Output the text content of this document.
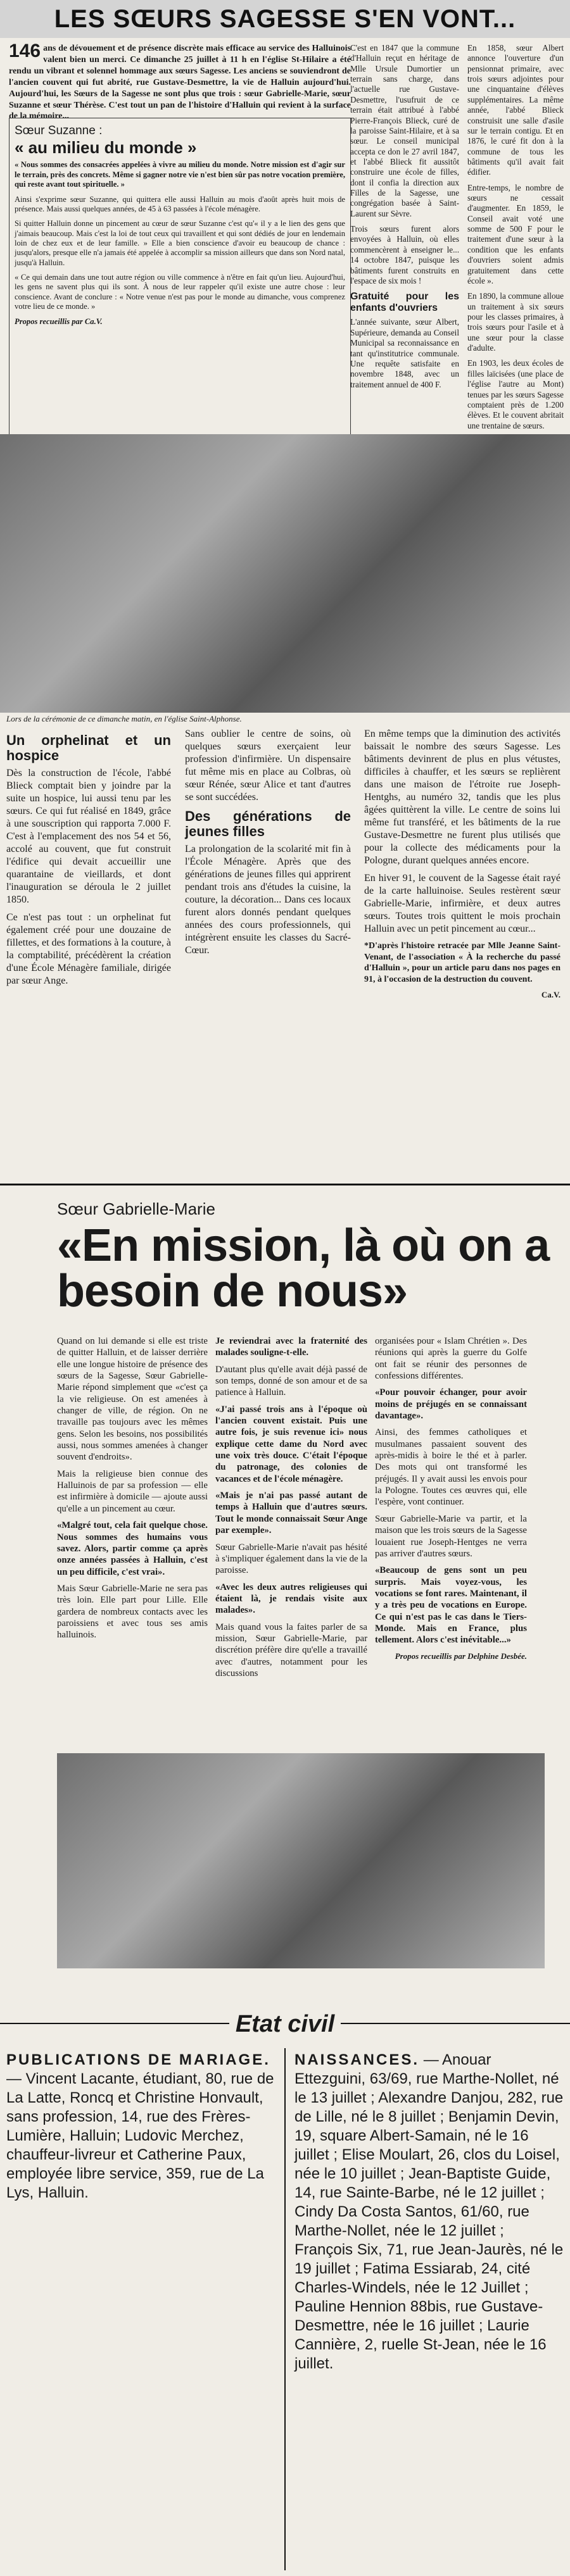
LES SŒURS SAGESSE S'EN VONT...

146 ans de dévouement et de présence discrète mais efficace au service des Halluinois valent bien un merci. Ce dimanche 25 juillet à 11 h en l'église St-Hilaire a été rendu un vibrant et solennel hommage aux sœurs Sagesse. Les anciens se souviendront de l'ancien couvent qui fut abrité, rue Gustave-Desmettre, la vie de Halluin aujourd'hui. Aujourd'hui, les Sœurs de la Sagesse ne sont plus que trois : sœur Gabrielle-Marie, sœur Suzanne et sœur Thérèse. C'est tout un pan de l'histoire d'Halluin qui revient à la surface de la mémoire...

Sœur Suzanne :
« au milieu du monde »

« Nous sommes des consacrées appelées à vivre au milieu du monde. Notre mission est d'agir sur le terrain, près des concrets. Même si gagner notre vie n'est bien sûr pas notre vocation première, qui reste avant tout spirituelle. »

Ainsi s'exprime sœur Suzanne, qui quittera elle aussi Halluin au mois d'août après huit mois de présence. Mais aussi quelques années, de 45 à 63 passées à l'école ménagère.

Si quitter Halluin donne un pincement au cœur de sœur Suzanne c'est qu'« il y a le lien des gens que j'aimais beaucoup. Mais c'est la loi de tout ceux qui travaillent et qui sont dédiés de jour en lendemain loin de chez eux et de leur famille. » Elle a bien conscience d'avoir eu beaucoup de chance : jusqu'alors, presque elle n'a jamais été appelée à accomplir sa mission ailleurs que dans son Nord natal, jusqu'à Halluin.

« Ce qui demain dans une tout autre région ou ville commence à n'être en fait qu'un lieu. Aujourd'hui, les gens ne savent plus qui ils sont. À nous de leur rappeler qu'il existe une autre chose : leur conscience. Avant de conclure : « Notre venue n'est pas pour le monde au dimanche, vous comprenez votre lieu de ce monde. »

Propos recueillis par Ca.V.

C'est en 1847 que la commune d'Halluin reçut en héritage de Mlle Ursule Dumortier un terrain sans charge, dans l'actuelle rue Gustave-Desmettre, l'usufruit de ce terrain était attribué à l'abbé Pierre-François Blieck, curé de la paroisse Saint-Hilaire, et à sa sœur. Le conseil municipal accepta ce don le 27 avril 1847, et l'abbé Blieck fit aussitôt construire une école de filles, dont il confia la direction aux Filles de la Sagesse, une congrégation basée à Saint-Laurent sur Sèvre.

Trois sœurs furent alors envoyées à Halluin, où elles commencèrent à enseigner le... 14 octobre 1847, puisque les bâtiments furent construits en l'espace de six mois !

Gratuité pour les enfants d'ouvriers

L'année suivante, sœur Albert, Supérieure, demanda au Conseil Municipal sa reconnaissance en tant qu'institutrice communale. Une requête satisfaite en novembre 1848, avec un traitement annuel de 400 F.

En 1858, sœur Albert annonce l'ouverture d'un pensionnat primaire, avec trois sœurs adjointes pour une cinquantaine d'élèves supplémentaires. La même année, l'abbé Blieck construisit une salle d'asile sur le terrain contigu. Et en 1876, le curé fit don à la commune de tous les bâtiments qu'il avait fait édifier.

Entre-temps, le nombre de sœurs ne cessait d'augmenter. En 1859, le Conseil avait voté une somme de 500 F pour le traitement d'une sœur à la condition que les enfants d'ouvriers soient admis gratuitement dans cette école ».

En 1890, la commune alloue un traitement à six sœurs pour les classes primaires, à trois sœurs pour l'asile et à une sœur pour la classe d'adulte.

En 1903, les deux écoles de filles laïcisées (une place de l'église l'autre au Mont) tenues par les sœurs Sagesse comptaient près de 1.200 élèves. Et le couvent abritait une trentaine de sœurs.

Lors de la cérémonie de ce dimanche matin, en l'église Saint-Alphonse.
Un orphelinat et un hospice

Dès la construction de l'école, l'abbé Blieck comptait bien y joindre par la suite un hospice, lui aussi tenu par les sœurs. Ce qui fut réalisé en 1849, grâce à une souscription qui rapporta 7.000 F. C'est à l'emplacement des nos 54 et 56, accolé au couvent, que fut construit l'édifice qui devait accueillir une quarantaine de vieillards, et dont l'inauguration se déroula le 2 juillet 1850.

Ce n'est pas tout : un orphelinat fut également créé pour une douzaine de fillettes, et des formations à la couture, à la comptabilité, précédèrent la création d'une École Ménagère familiale, dirigée par sœur Ange.

Sans oublier le centre de soins, où quelques sœurs exerçaient leur profession d'infirmière. Un dispensaire fut même mis en place au Colbras, où sœur Rénée, sœur Alice et tant d'autres se sont succédées.

Des générations de jeunes filles

La prolongation de la scolarité mit fin à l'École Ménagère. Après que des générations de jeunes filles qui apprirent pendant trois ans d'études la cuisine, la couture, la décoration... Dans ces locaux furent alors donnés pendant quelques années des cours professionnels, qui intégrèrent ensuite les classes du Sacré-Cœur.

En même temps que la diminution des activités baissait le nombre des sœurs Sagesse. Les bâtiments devinrent de plus en plus vétustes, difficiles à chauffer, et les sœurs se replièrent dans une maison de l'étroite rue Joseph-Hentghs, au numéro 32, tandis que les plus âgées quittèrent la ville. Le centre de soins lui même fut transféré, et les bâtiments de la rue Gustave-Desmettre ne furent plus utilisés que pour la collecte des médicaments pour la Pologne, durant quelques années encore.

En hiver 91, le couvent de la Sagesse était rayé de la carte halluinoise. Seules restèrent sœur Gabrielle-Marie, infirmière, et deux autres sœurs. Toutes trois quittent le mois prochain Halluin avec un petit pincement au cœur...

*D'après l'histoire retracée par Mlle Jeanne Saint-Venant, de l'association « À la recherche du passé d'Halluin », pour un article paru dans nos pages en 91, à l'occasion de la destruction du couvent.

Ca.V.

Sœur Gabrielle-Marie
«En mission, là où on a besoin de nous»

Quand on lui demande si elle est triste de quitter Halluin, et de laisser derrière elle une longue histoire de présence des sœurs de la Sagesse, Sœur Gabrielle-Marie répond simplement que «c'est ça la vie religieuse. On est amenées à changer de ville, de région. On ne travaille pas toujours avec les mêmes gens. Selon les besoins, nos possibilités aussi, nous sommes amenées à changer souvent d'endroits».

Mais la religieuse bien connue des Halluinois de par sa profession — elle est infirmière à domicile — ajoute aussi qu'elle a un pincement au cœur.

«Malgré tout, cela fait quelque chose. Nous sommes des humains vous savez. Alors, partir comme ça après onze années passées à Halluin, c'est un peu difficile, c'est vrai».

Mais Sœur Gabrielle-Marie ne sera pas très loin. Elle part pour Lille. Elle gardera de nombreux contacts avec les paroissiens et avec tous ses amis halluinois.

Je reviendrai avec la fraternité des malades souligne-t-elle.

D'autant plus qu'elle avait déjà passé de son temps, donné de son amour et de sa patience à Halluin.

«J'ai passé trois ans à l'époque où l'ancien couvent existait. Puis une autre fois, je suis revenue ici» nous explique cette dame du Nord avec une voix très douce. C'était l'époque du patronage, des colonies de vacances et de l'école ménagère.

«Mais je n'ai pas passé autant de temps à Halluin que d'autres sœurs. Tout le monde connaissait Sœur Ange par exemple».

Sœur Gabrielle-Marie n'avait pas hésité à s'impliquer également dans la vie de la paroisse.

«Avec les deux autres religieuses qui étaient là, je rendais visite aux malades».

Mais quand vous la faites parler de sa mission, Sœur Gabrielle-Marie, par discrétion préfère dire qu'elle a travaillé avec d'autres, notamment pour les discussions

organisées pour « Islam Chrétien ». Des réunions qui après la guerre du Golfe ont fait se réunir des personnes de confessions différentes.

«Pour pouvoir échanger, pour avoir moins de préjugés en se connaissant davantage».

Ainsi, des femmes catholiques et musulmanes passaient souvent des après-midis à boire le thé et à parler. Des mots qui ont transformé les préjugés. Il y avait aussi les envois pour la Pologne. Toutes ces œuvres qui, elle l'espère, vont continuer.

Sœur Gabrielle-Marie va partir, et la maison que les trois sœurs de la Sagesse louaient rue Joseph-Hentges ne verra pas arriver d'autres sœurs.

«Beaucoup de gens sont un peu surpris. Mais voyez-vous, les vocations se font rares. Maintenant, il y a très peu de vocations en Europe. Ce qui n'est pas le cas dans le Tiers-Monde. Mais en France, plus tellement. Alors c'est inévitable...»

Propos recueillis par Delphine Desbée.

Etat civil
PUBLICATIONS DE MARIAGE. — Vincent Lacante, étudiant, 80, rue de La Latte, Roncq et Christine Honvault, sans profession, 14, rue des Frères-Lumière, Halluin; Ludovic Merchez, chauffeur-livreur et Catherine Paux, employée libre service, 359, rue de La Lys, Halluin.
NAISSANCES. — Anouar Ettezguini, 63/69, rue Marthe-Nollet, né le 13 juillet ; Alexandre Danjou, 282, rue de Lille, né le 8 juillet ; Benjamin Devin, 19, square Albert-Samain, né le 16 juillet ; Elise Moulart, 26, clos du Loisel, née le 10 juillet ; Jean-Baptiste Guide, 14, rue Sainte-Barbe, né le 12 juillet ; Cindy Da Costa Santos, 61/60, rue Marthe-Nollet, née le 12 juillet ; François Six, 71, rue Jean-Jaurès, né le 19 juillet ; Fatima Essiarab, 24, cité Charles-Windels, née le 12 Juillet ; Pauline Hennion 88bis, rue Gustave-Desmettre, née le 16 juillet ; Laurie Cannière, 2, ruelle St-Jean, née le 16 juillet.
